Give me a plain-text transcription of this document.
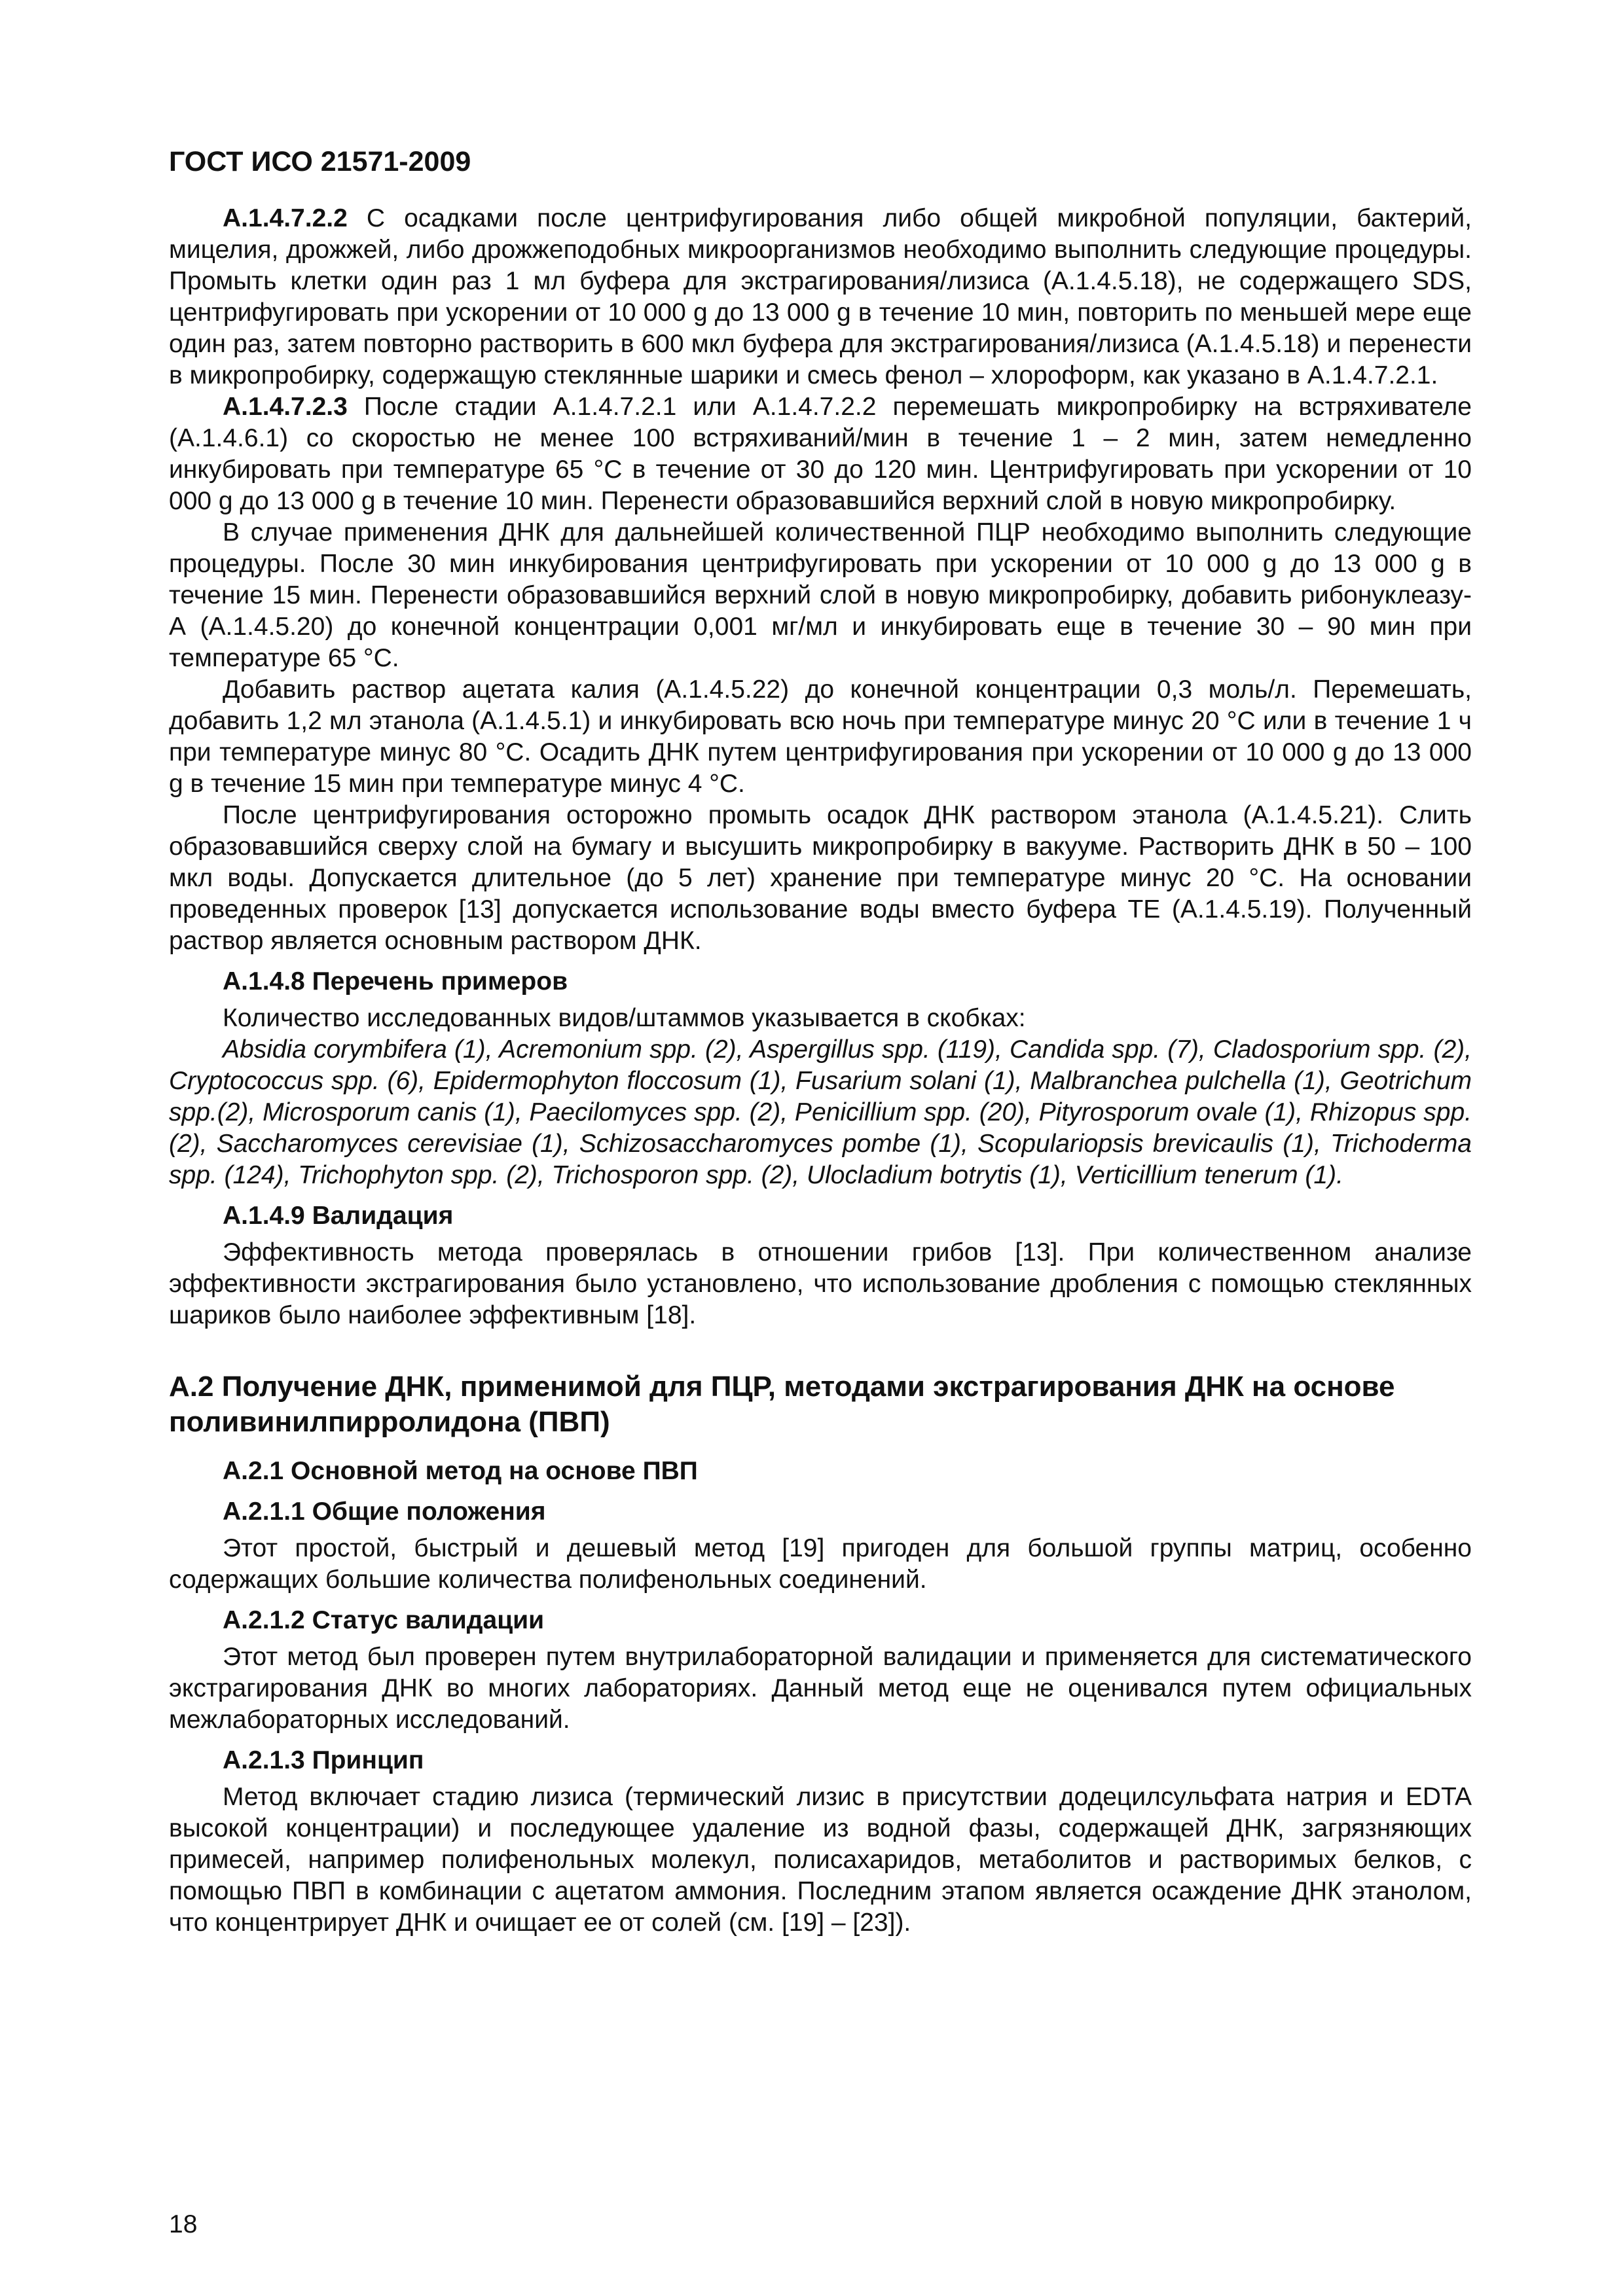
ГОСТ ИСО 21571-2009

А.1.4.7.2.2 С осадками после центрифугирования либо общей микробной популяции, бактерий, мицелия, дрожжей, либо дрожжеподобных микроорганизмов необходимо выполнить следующие процедуры. Промыть клетки один раз 1 мл буфера для экстрагирования/лизиса (А.1.4.5.18), не содержащего SDS, центрифугировать при ускорении от 10 000 g до 13 000 g в течение 10 мин, повторить по меньшей мере еще один раз, затем повторно растворить в 600 мкл буфера для экстрагирования/лизиса (А.1.4.5.18) и перенести в микропробирку, содержащую стеклянные шарики и смесь фенол – хлороформ, как указано в А.1.4.7.2.1.

А.1.4.7.2.3 После стадии А.1.4.7.2.1 или А.1.4.7.2.2 перемешать микропробирку на встряхивателе (А.1.4.6.1) со скоростью не менее 100 встряхиваний/мин в течение 1 – 2 мин, затем немедленно инкубировать при температуре 65 °С в течение от 30 до 120 мин. Центрифугировать при ускорении от 10 000 g до 13 000 g в течение 10 мин. Перенести образовавшийся верхний слой в новую микропробирку.

В случае применения ДНК для дальнейшей количественной ПЦР необходимо выполнить следующие процедуры. После 30 мин инкубирования центрифугировать при ускорении от 10 000 g до 13 000 g в течение 15 мин. Перенести образовавшийся верхний слой в новую микропробирку, добавить рибонуклеазу-А (А.1.4.5.20) до конечной концентрации 0,001 мг/мл и инкубировать еще в течение 30 – 90 мин при температуре 65 °С.

Добавить раствор ацетата калия (А.1.4.5.22) до конечной концентрации 0,3 моль/л. Перемешать, добавить 1,2 мл этанола (А.1.4.5.1) и инкубировать всю ночь при температуре минус 20 °С или в течение 1 ч при температуре минус 80 °С. Осадить ДНК путем центрифугирования при ускорении от 10 000 g до 13 000 g в течение 15 мин при температуре минус 4 °С.

После центрифугирования осторожно промыть осадок ДНК раствором этанола (А.1.4.5.21). Слить образовавшийся сверху слой на бумагу и высушить микропробирку в вакууме. Растворить ДНК в 50 – 100 мкл воды. Допускается длительное (до 5 лет) хранение при температуре минус 20 °С. На основании проведенных проверок [13] допускается использование воды вместо буфера ТЕ (А.1.4.5.19). Полученный раствор является основным раствором ДНК.

А.1.4.8 Перечень примеров

Количество исследованных видов/штаммов указывается в скобках:

Absidia corymbifera (1), Acremonium spp. (2), Aspergillus spp. (119), Candida spp. (7), Cladosporium spp. (2), Cryptococcus spp. (6), Epidermophyton floccosum (1), Fusarium solani (1), Malbranchea pulchella (1), Geotrichum spp.(2), Microsporum canis (1), Paecilomyces spp. (2), Penicillium spp. (20), Pityrosporum ovale (1), Rhizopus spp. (2), Saccharomyces cerevisiae (1), Schizosaccharomyces pombe (1), Scopulariopsis brevicaulis (1), Trichoderma spp. (124), Trichophyton spp. (2), Trichosporon spp. (2), Ulocladium botrytis (1), Verticillium tenerum (1).

А.1.4.9 Валидация

Эффективность метода проверялась в отношении грибов [13]. При количественном анализе эффективности экстрагирования было установлено, что использование дробления с помощью стеклянных шариков было наиболее эффективным [18].

А.2 Получение ДНК, применимой для ПЦР, методами экстрагирования ДНК на основе поливинилпирролидона (ПВП)
А.2.1 Основной метод на основе ПВП
А.2.1.1 Общие положения

Этот простой, быстрый и дешевый метод [19] пригоден для большой группы матриц, особенно содержащих большие количества полифенольных соединений.

А.2.1.2 Статус валидации

Этот метод был проверен путем внутрилабораторной валидации и применяется для систематического экстрагирования ДНК во многих лабораториях. Данный метод еще не оценивался путем официальных межлабораторных исследований.

А.2.1.3 Принцип

Метод включает стадию лизиса (термический лизис в присутствии додецилсульфата натрия и EDTA высокой концентрации) и последующее удаление из водной фазы, содержащей ДНК, загрязняющих примесей, например полифенольных молекул, полисахаридов, метаболитов и растворимых белков, с помощью ПВП в комбинации с ацетатом аммония. Последним этапом является осаждение ДНК этанолом, что концентрирует ДНК и очищает ее от солей (см. [19] – [23]).

18
